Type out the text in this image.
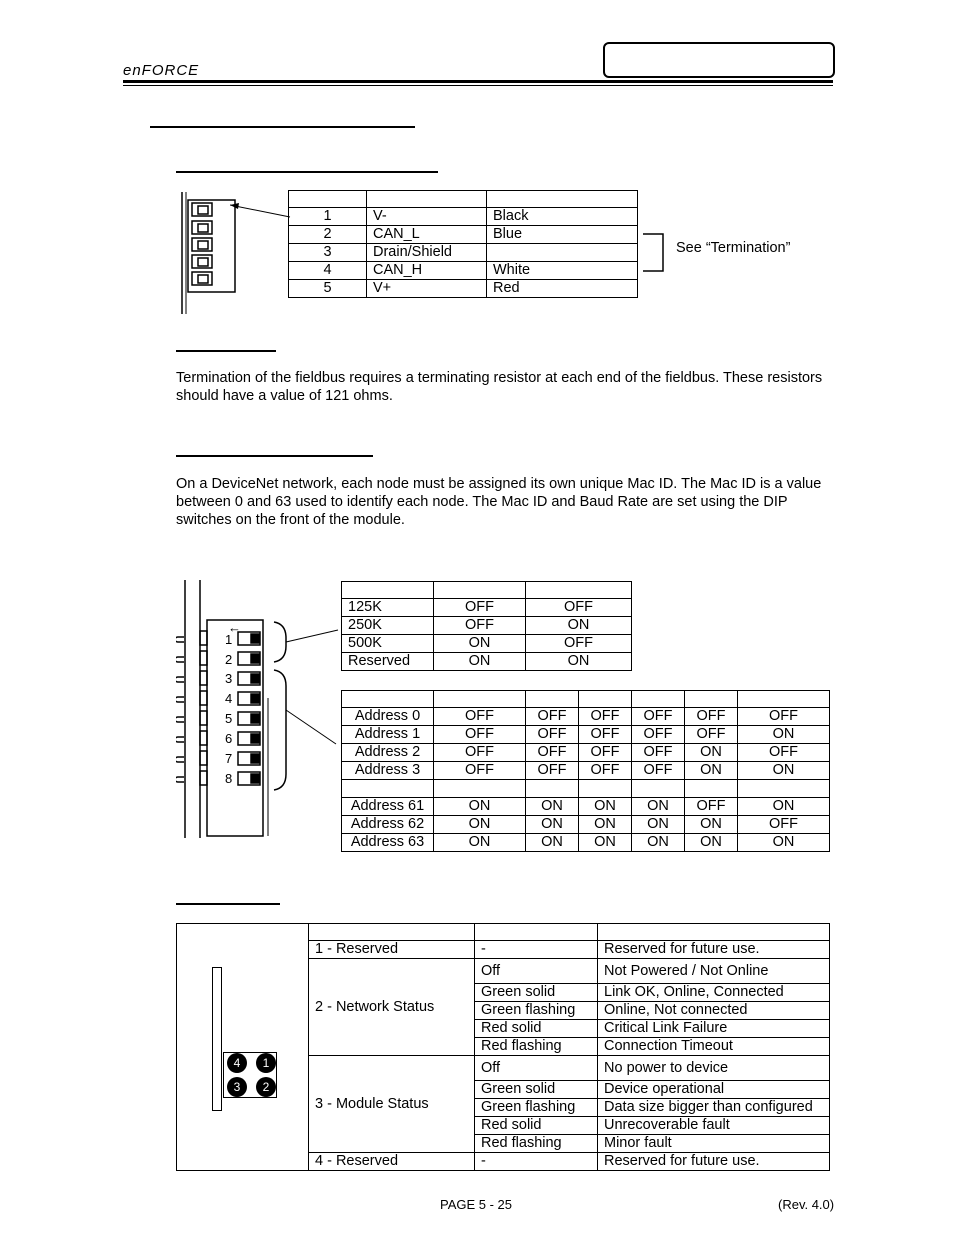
enFORCE

1	V-	Black
2	CAN_L	Blue
3	Drain/Shield	
4	CAN_H	White
5	V+	Red
See “Termination”
Termination of the fieldbus requires a terminating resistor at each end of the fieldbus. These resistors should have a value of 121 ohms.
On a DeviceNet network, each node must be assigned its own unique Mac ID. The Mac ID is a value between 0 and 63 used to identify each node. The Mac ID and Baud Rate are set using the DIP switches on the front of the module.
←
1
2
3
4
5
6
7
8

125K	OFF	OFF
250K	OFF	ON
500K	ON	OFF
Reserved	ON	ON

Address 0	OFF	OFF	OFF	OFF	OFF	OFF
Address 1	OFF	OFF	OFF	OFF	OFF	ON
Address 2	OFF	OFF	OFF	OFF	ON	OFF
Address 3	OFF	OFF	OFF	OFF	ON	ON

Address 61	ON	ON	ON	ON	OFF	ON
Address 62	ON	ON	ON	ON	ON	OFF
Address 63	ON	ON	ON	ON	ON	ON
4 1
3 2			

	1 - Reserved	-	Reserved for future use.
	2 - Network Status	Off	Not Powered / Not Online
		Green solid	Link OK, Online, Connected
		Green flashing	Online, Not connected
		Red solid	Critical Link Failure
		Red flashing	Connection Timeout
	3 - Module Status	Off	No power to device
		Green solid	Device operational
		Green flashing	Data size bigger than configured
		Red solid	Unrecoverable fault
		Red flashing	Minor fault
	4 - Reserved	-	Reserved for future use.
PAGE 5 - 25	(Rev. 4.0)
